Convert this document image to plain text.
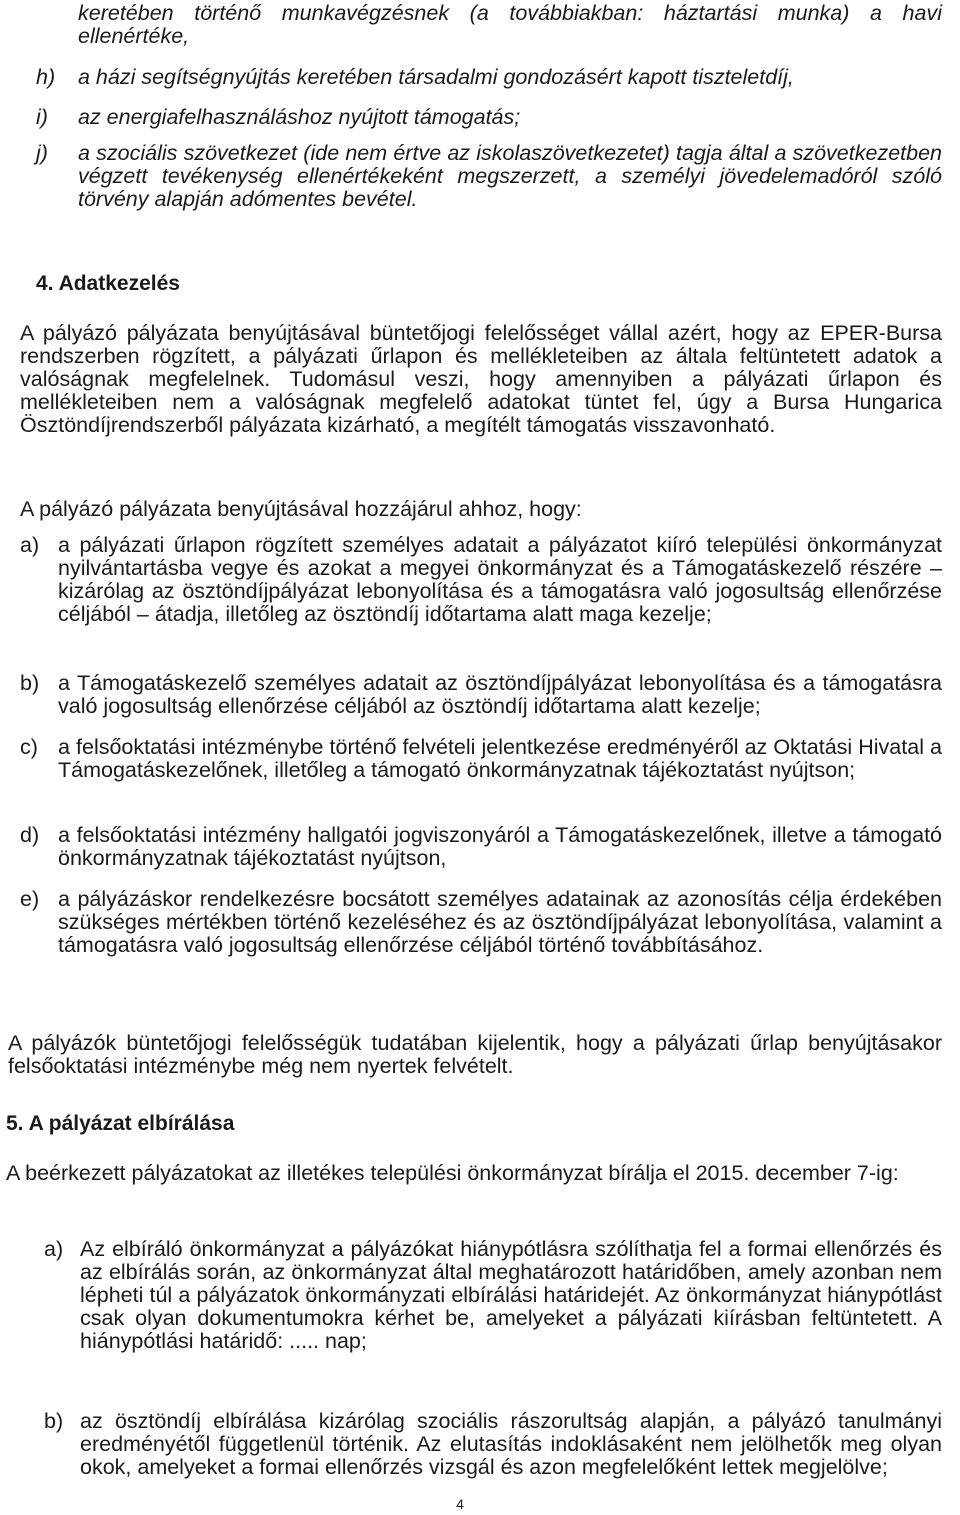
keretében történő munkavégzésnek (a továbbiakban: háztartási munka) a havi ellenértéke,

h)	a házi segítségnyújtás keretében társadalmi gondozásért kapott tiszteletdíj,
i)	az energiafelhasználáshoz nyújtott támogatás;
j)	a szociális szövetkezet (ide nem értve az iskolaszövetkezetet) tagja által a szövetkezetben végzett tevékenység ellenértékeként megszerzett, a személyi jövedelemadóról szóló törvény alapján adómentes bevétel.
4. Adatkezelés

A pályázó pályázata benyújtásával büntetőjogi felelősséget vállal azért, hogy az EPER-Bursa rendszerben rögzített, a pályázati űrlapon és mellékleteiben az általa feltüntetett adatok a valóságnak megfelelnek. Tudomásul veszi, hogy amennyiben a pályázati űrlapon és mellékleteiben nem a valóságnak megfelelő adatokat tüntet fel, úgy a Bursa Hungarica Ösztöndíjrendszerből pályázata kizárható, a megítélt támogatás visszavonható.

A pályázó pályázata benyújtásával hozzájárul ahhoz, hogy:

a) a pályázati űrlapon rögzített személyes adatait a pályázatot kiíró települési önkormányzat nyilvántartásba vegye és azokat a megyei önkormányzat és a Támogatáskezelő részére – kizárólag az ösztöndíjpályázat lebonyolítása és a támogatásra való jogosultság ellenőrzése céljából – átadja, illetőleg az ösztöndíj időtartama alatt maga kezelje;
b) a Támogatáskezelő személyes adatait az ösztöndíjpályázat lebonyolítása és a támogatásra való jogosultság ellenőrzése céljából az ösztöndíj időtartama alatt kezelje;
c) a felsőoktatási intézménybe történő felvételi jelentkezése eredményéről az Oktatási Hivatal a Támogatáskezelőnek, illetőleg a támogató önkormányzatnak tájékoztatást nyújtson;
d) a felsőoktatási intézmény hallgatói jogviszonyáról a Támogatáskezelőnek, illetve a támogató önkormányzatnak tájékoztatást nyújtson,
e) a pályázáskor rendelkezésre bocsátott személyes adatainak az azonosítás célja érdekében szükséges mértékben történő kezeléséhez és az ösztöndíjpályázat lebonyolítása, valamint a támogatásra való jogosultság ellenőrzése céljából történő továbbításához.

A pályázók büntetőjogi felelősségük tudatában kijelentik, hogy a pályázati űrlap benyújtásakor felsőoktatási intézménybe még nem nyertek felvételt.

5. A pályázat elbírálása

A beérkezett pályázatokat az illetékes települési önkormányzat bírálja el 2015. december 7-ig:

a) Az elbíráló önkormányzat a pályázókat hiánypótlásra szólíthatja fel a formai ellenőrzés és az elbírálás során, az önkormányzat által meghatározott határidőben, amely azonban nem lépheti túl a pályázatok önkormányzati elbírálási határidejét. Az önkormányzat hiánypótlást csak olyan dokumentumokra kérhet be, amelyeket a pályázati kiírásban feltüntetett. A hiánypótlási határidő: ..... nap;
b) az ösztöndíj elbírálása kizárólag szociális rászorultság alapján, a pályázó tanulmányi eredményétől függetlenül történik. Az elutasítás indoklásaként nem jelölhetők meg olyan okok, amelyeket a formai ellenőrzés vizsgál és azon megfelelőként lettek megjelölve;
4
